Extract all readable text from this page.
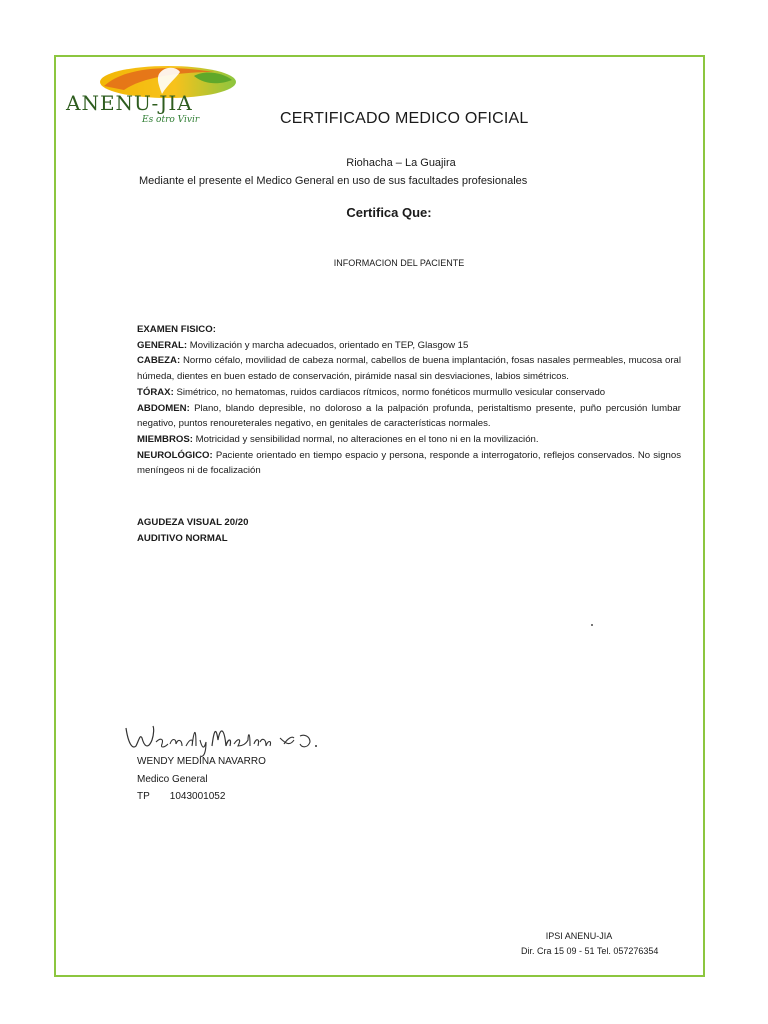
ANENU-JIA
Es otro Vivir	CERTIFICADO MEDICO OFICIAL
Riohacha – La Guajira
Mediante el presente el Medico General en uso de sus facultades profesionales
Certifica Que:
INFORMACION DEL PACIENTE
EXAMEN FISICO:

GENERAL: Movilización y marcha adecuados, orientado en TEP, Glasgow 15

CABEZA: Normo céfalo, movilidad de cabeza normal, cabellos de buena implantación, fosas nasales permeables, mucosa oral húmeda, dientes en buen estado de conservación, pirámide nasal sin desviaciones, labios simétricos.

TÓRAX: Simétrico, no hematomas, ruidos cardiacos rítmicos, normo fonéticos murmullo vesicular conservado

ABDOMEN: Plano, blando depresible, no doloroso a la palpación profunda, peristaltismo presente, puño percusión lumbar negativo, puntos renoureterales negativo, en genitales de características normales.

MIEMBROS: Motricidad y sensibilidad normal, no alteraciones en el tono ni en la movilización.

NEUROLÓGICO: Paciente orientado en tiempo espacio y persona, responde a interrogatorio, reflejos conservados. No signos meníngeos ni de focalización

AGUDEZA VISUAL 20/20
AUDITIVO NORMAL
WENDY MEDINA NAVARRO
Medico General
TP 1043001052
IPSI ANENU-JIA
Dir. Cra 15 09 - 51 Tel. 057276354
